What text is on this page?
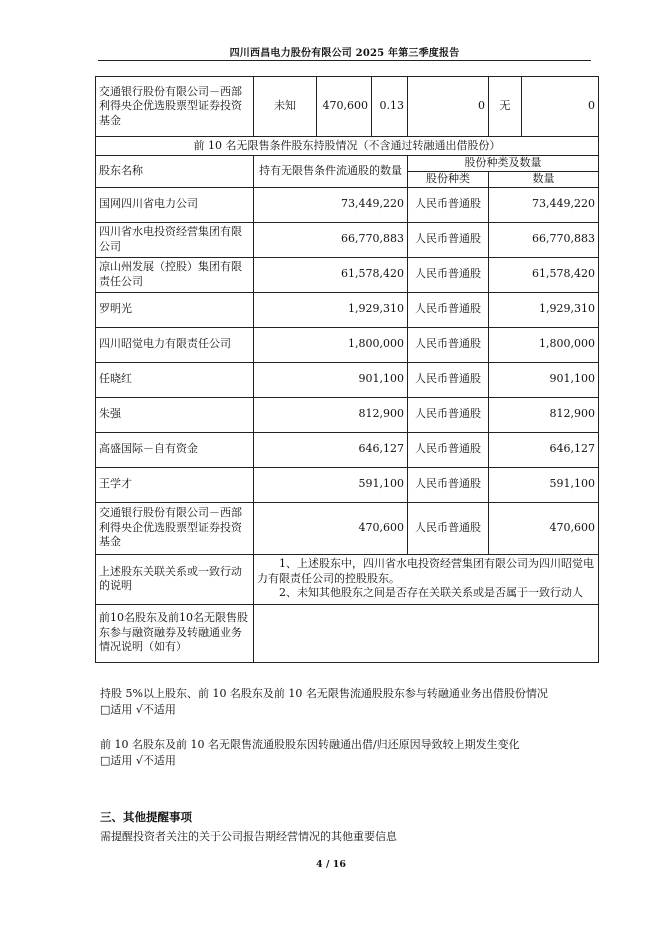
四川西昌电力股份有限公司 2025 年第三季度报告
交通银行股份有限公司－西部利得央企优选股票型证券投资基金	未知	470,600	0.13	0	无	0
前 10 名无限售条件股东持股情况（不含通过转融通出借股份）						
股东名称	持有无限售条件流通股的数量			股份种类及数量		
				股份种类	数量	
国网四川省电力公司	73,449,220			人民币普通股	73,449,220	
四川省水电投资经营集团有限公司	66,770,883			人民币普通股	66,770,883	
凉山州发展（控股）集团有限责任公司	61,578,420			人民币普通股	61,578,420	
罗明光	1,929,310			人民币普通股	1,929,310	
四川昭觉电力有限责任公司	1,800,000			人民币普通股	1,800,000	
任晓红	901,100			人民币普通股	901,100	
朱强	812,900			人民币普通股	812,900	
高盛国际－自有资金	646,127			人民币普通股	646,127	
王学才	591,100			人民币普通股	591,100	
交通银行股份有限公司－西部利得央企优选股票型证券投资基金	470,600			人民币普通股	470,600	
上述股东关联关系或一致行动的说明	1、上述股东中，四川省水电投资经营集团有限公司为四川昭觉电力有限责任公司的控股股东。
2、未知其他股东之间是否存在关联关系或是否属于一致行动人					

前10名股东及前10名无限售股东参与融资融券及转融通业务情况说明（如有）						
持股 5%以上股东、前 10 名股东及前 10 名无限售流通股股东参与转融通业务出借股份情况
□适用 √不适用
前 10 名股东及前 10 名无限售流通股股东因转融通出借/归还原因导致较上期发生变化
□适用 √不适用
三、其他提醒事项
需提醒投资者关注的关于公司报告期经营情况的其他重要信息
4 / 16
